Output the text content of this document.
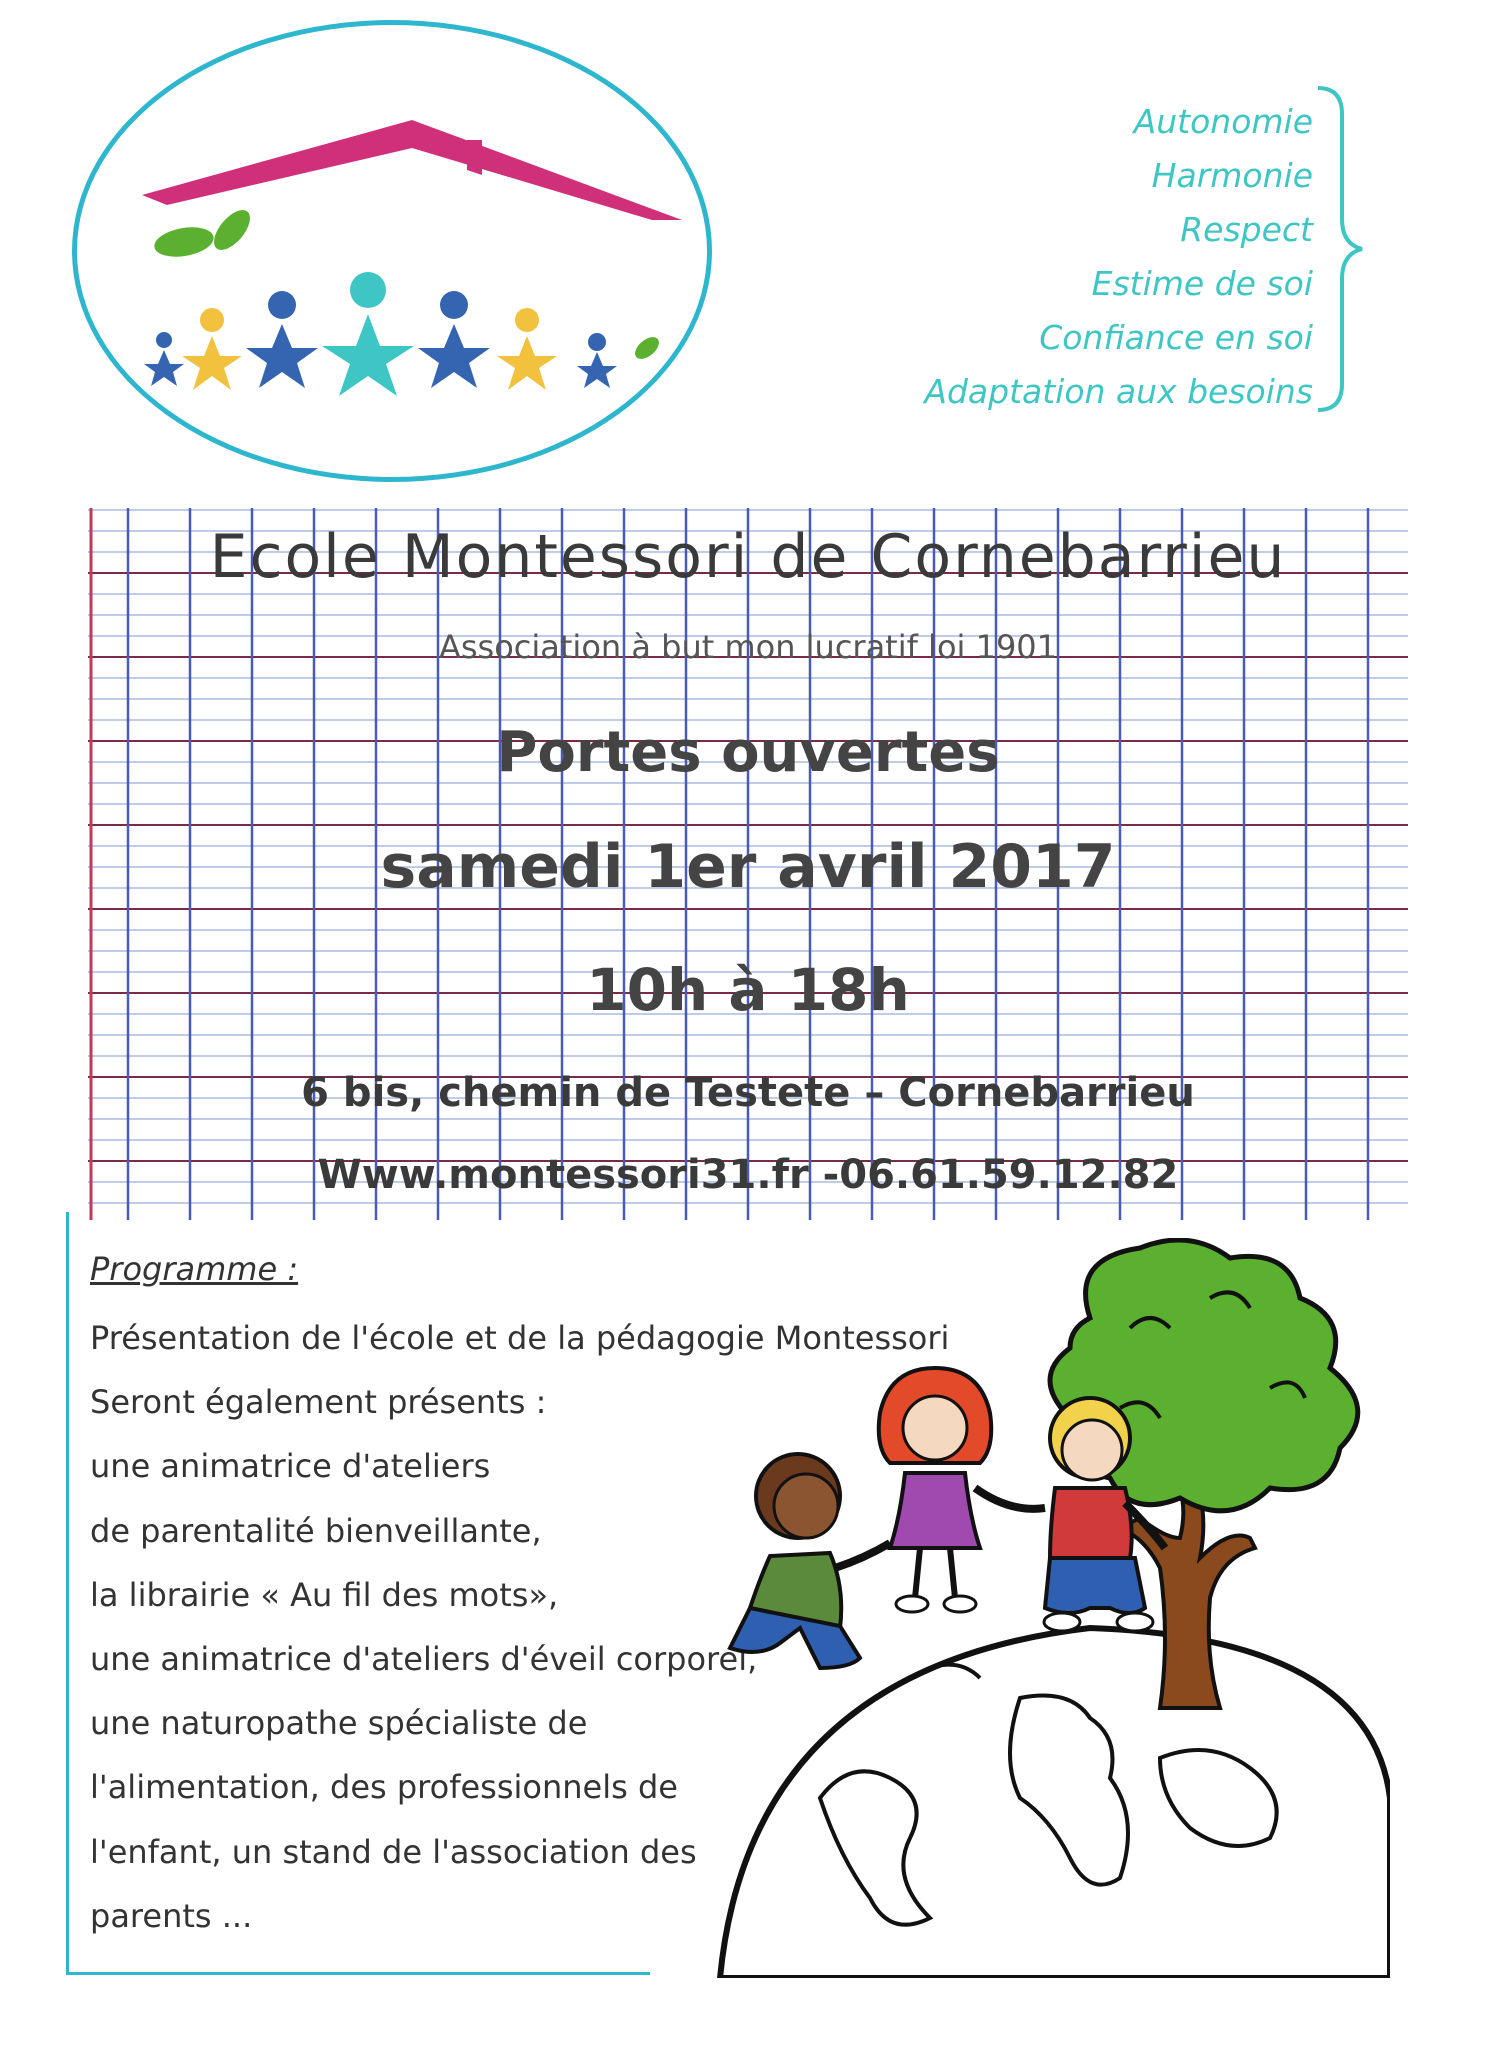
Autonomie
Harmonie
Respect
Estime de soi
Confiance en soi
Adaptation aux besoins
Ecole Montessori de Cornebarrieu
Association à but mon lucratif loi 1901
Portes ouvertes
samedi 1er avril 2017
10h à 18h
6 bis, chemin de Testete – Cornebarrieu
Www.montessori31.fr -06.61.59.12.82
Programme :
Présentation de l'école et de la pédagogie Montessori
Seront également présents :
une animatrice d'ateliers
de parentalité bienveillante,
la librairie « Au fil des mots»,
une animatrice d'ateliers d'éveil corporel,
une naturopathe spécialiste de
l'alimentation, des professionnels de
l'enfant, un stand de l'association des
parents ...
